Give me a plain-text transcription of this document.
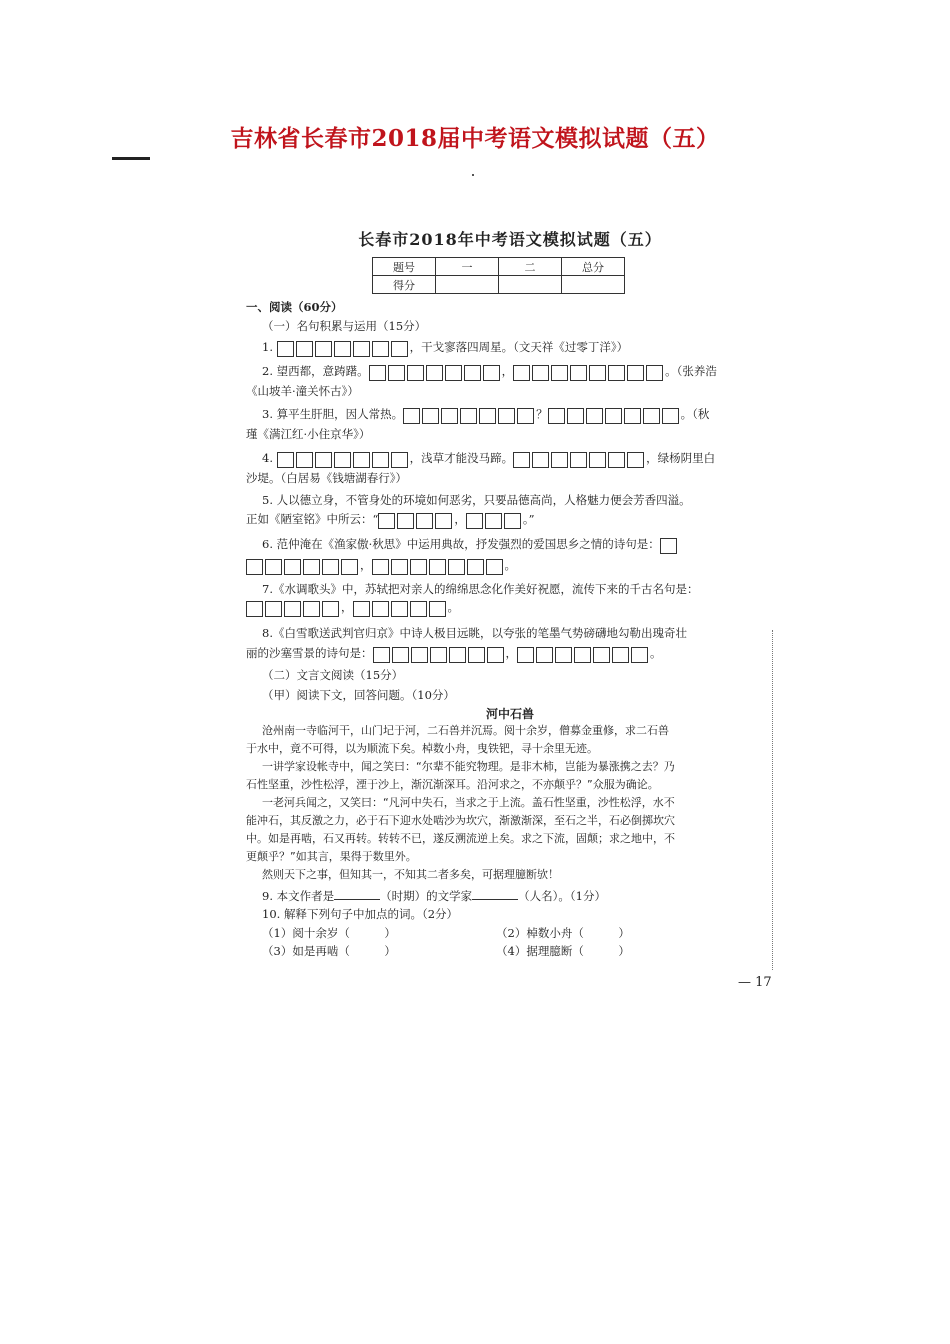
吉林省长春市2018届中考语文模拟试题（五）
长春市2018年中考语文模拟试题（五）
题号	一	二	总分
得分			
一、阅读（60分）
（一）名句积累与运用（15分）
1.	，干戈寥落四周星。（文天祥《过零丁洋》）
2. 望西都，意踌躇。	，	。（张养浩
《山坡羊·潼关怀古》）
3. 算平生肝胆，因人常热。	？	。（秋
瑾《满江红·小住京华》）
4.	，浅草才能没马蹄。	，绿杨阴里白
沙堤。（白居易《钱塘湖春行》）
5. 人以德立身，不管身处的环境如何恶劣，只要品德高尚，人格魅力便会芳香四溢。
正如《陋室铭》中所云：“	，	。”
6. 范仲淹在《渔家傲·秋思》中运用典故，抒发强烈的爱国思乡之情的诗句是：
，	。
7.《水调歌头》中，苏轼把对亲人的绵绵思念化作美好祝愿，流传下来的千古名句是：
，	。
8.《白雪歌送武判官归京》中诗人极目远眺，以夸张的笔墨气势磅礴地勾勒出瑰奇壮
丽的沙塞雪景的诗句是：	，	。
（二）文言文阅读（15分）
（甲）阅读下文，回答问题。（10分）
河中石兽
沧州南一寺临河干，山门圮于河，二石兽并沉焉。阅十余岁，僧募金重修，求二石兽
于水中，竟不可得，以为顺流下矣。棹数小舟，曳铁钯，寻十余里无迹。
一讲学家设帐寺中，闻之笑曰：“尔辈不能究物理。是非木柿，岂能为暴涨携之去？乃
石性坚重，沙性松浮，湮于沙上，渐沉渐深耳。沿河求之，不亦颠乎？”众服为确论。
一老河兵闻之，又笑曰：“凡河中失石，当求之于上流。盖石性坚重，沙性松浮，水不
能冲石，其反激之力，必于石下迎水处啮沙为坎穴，渐激渐深，至石之半，石必倒掷坎穴
中。如是再啮，石又再转。转转不已，遂反溯流逆上矣。求之下流，固颠；求之地中，不
更颠乎？”如其言，果得于数里外。
然则天下之事，但知其一，不知其二者多矣，可据理臆断欤！
9. 本文作者是	（时期）的文学家	（人名）。（1分）
10. 解释下列句子中加点的词。（2分）
（1）阅十余岁（　　　）	（2）棹数小舟（　　　）
（3）如是再啮（　　　）	（4）据理臆断（　　　）
— 17
